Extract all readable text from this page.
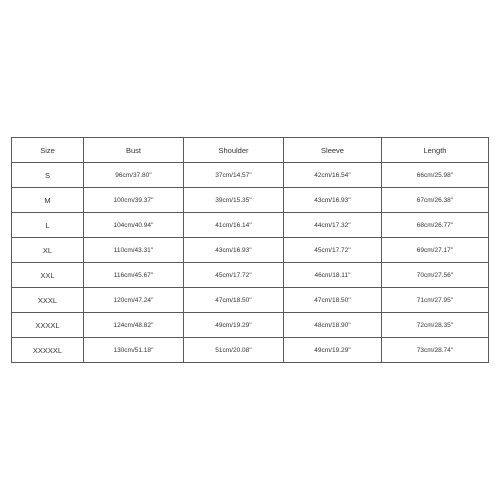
Size	Bust	Shoulder	Sleeve	Length
S	96cm/37.80''	37cm/14.57''	42cm/16.54''	66cm/25.98''
M	100cm/39.37''	39cm/15.35''	43cm/16.93''	67cm/26.38''
L	104cm/40.94''	41cm/16.14''	44cm/17.32''	68cm/26.77''
XL	110cm/43.31''	43cm/16.93''	45cm/17.72''	69cm/27.17''
XXL	116cm/45.67''	45cm/17.72''	46cm/18.11''	70cm/27.56''
XXXL	120cm/47.24''	47cm/18.50''	47cm/18.50''	71cm/27.95''
XXXXL	124cm/48.82''	49cm/19.29''	48cm/18.90''	72cm/28.35''
XXXXXL	130cm/51.18''	51cm/20.08''	49cm/19.29''	73cm/28.74''
